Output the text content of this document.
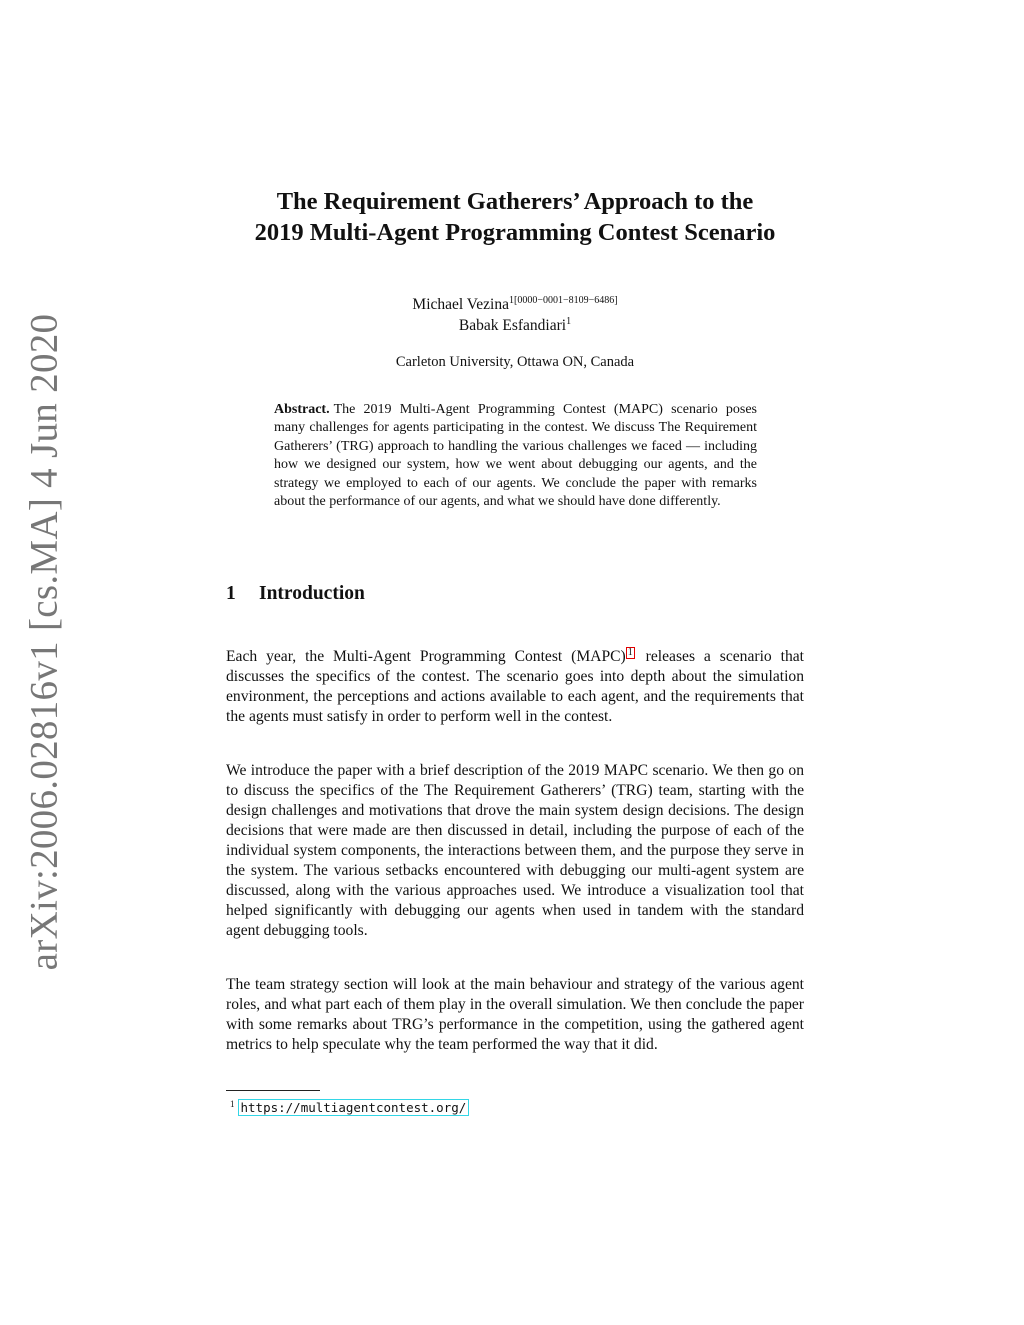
arXiv:2006.02816v1 [cs.MA] 4 Jun 2020
The Requirement Gatherers’ Approach to the
2019 Multi-Agent Programming Contest Scenario
Michael Vezina$^{1[0000-0001-8109-6486]}$
Babak Esfandiari$^1$
Carleton University, Ottawa ON, Canada

Abstract. The 2019 Multi-Agent Programming Contest (MAPC) scenario poses many challenges for agents participating in the contest. We discuss The Requirement Gatherers’ (TRG) approach to handling the various challenges we faced — including how we designed our system, how we went about debugging our agents, and the strategy we employed to each of our agents. We conclude the paper with remarks about the performance of our agents, and what we should have done differently.

1 Introduction

Each year, the Multi-Agent Programming Contest (MAPC) 1 releases a scenario that discusses the specifics of the contest. The scenario goes into depth about the simulation environment, the perceptions and actions available to each agent, and the requirements that the agents must satisfy in order to perform well in the contest.

We introduce the paper with a brief description of the 2019 MAPC scenario. We then go on to discuss the specifics of the The Requirement Gatherers’ (TRG) team, starting with the design challenges and motivations that drove the main system design decisions. The design decisions that were made are then discussed in detail, including the purpose of each of the individual system components, the interactions between them, and the purpose they serve in the system. The various setbacks encountered with debugging our multi-agent system are discussed, along with the various approaches used. We introduce a visualization tool that helped significantly with debugging our agents when used in tandem with the standard agent debugging tools.

The team strategy section will look at the main behaviour and strategy of the various agent roles, and what part each of them play in the overall simulation. We then conclude the paper with some remarks about TRG’s performance in the competition, using the gathered agent metrics to help speculate why the team performed the way that it did.

$^1$ https://multiagentcontest.org/
